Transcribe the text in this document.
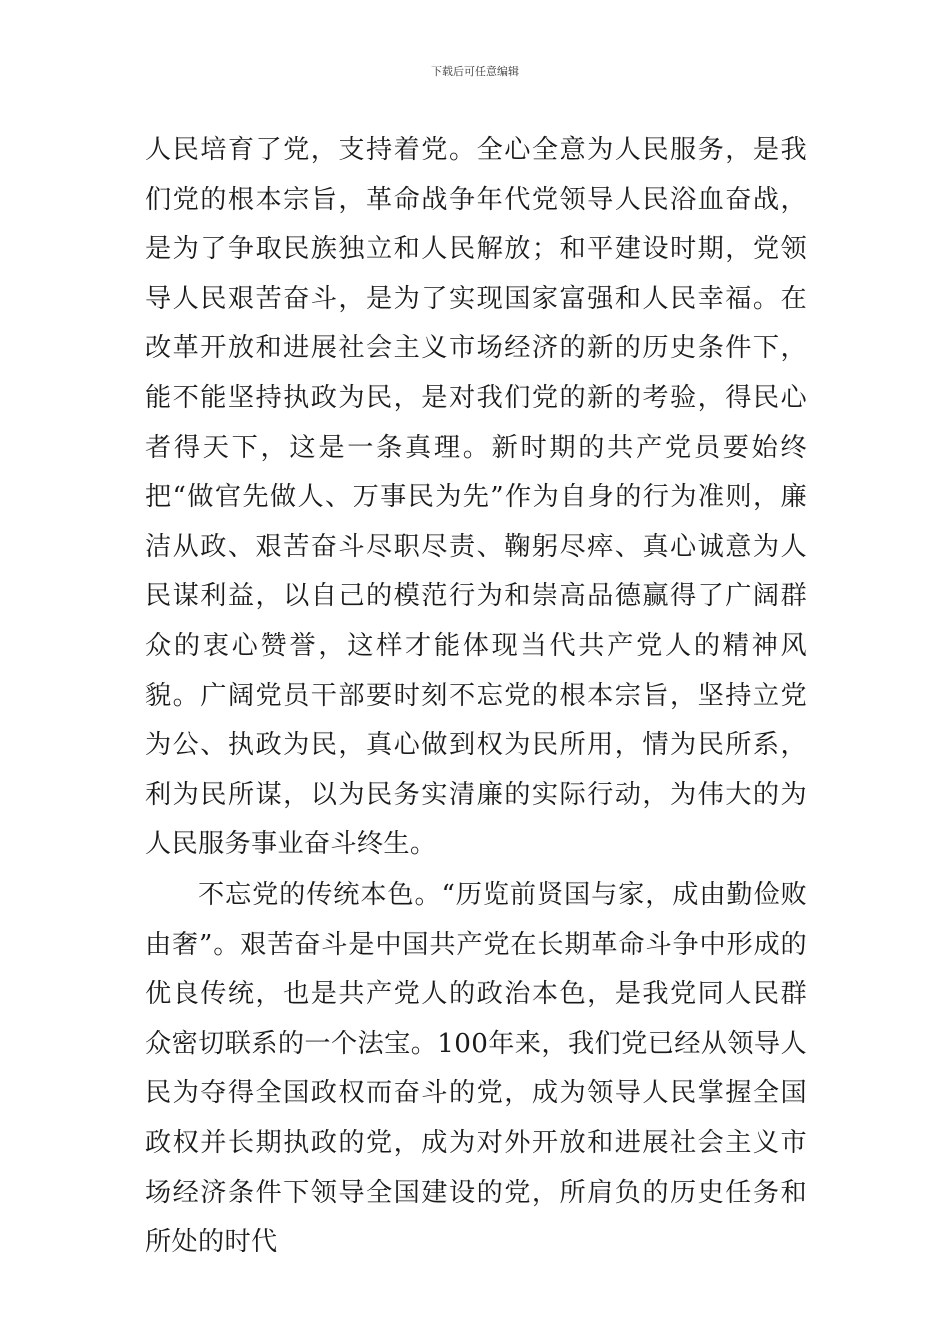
下载后可任意编辑

人民培育了党，支持着党。全心全意为人民服务，是我们党的根本宗旨，革命战争年代党领导人民浴血奋战，是为了争取民族独立和人民解放；和平建设时期，党领导人民艰苦奋斗，是为了实现国家富强和人民幸福。在改革开放和进展社会主义市场经济的新的历史条件下，能不能坚持执政为民，是对我们党的新的考验，得民心者得天下，这是一条真理。新时期的共产党员要始终把“做官先做人、万事民为先”作为自身的行为准则，廉洁从政、艰苦奋斗尽职尽责、鞠躬尽瘁、真心诚意为人民谋利益，以自己的模范行为和崇高品德赢得了广阔群众的衷心赞誉，这样才能体现当代共产党人的精神风貌。广阔党员干部要时刻不忘党的根本宗旨，坚持立党为公、执政为民，真心做到权为民所用，情为民所系，利为民所谋，以为民务实清廉的实际行动，为伟大的为人民服务事业奋斗终生。

不忘党的传统本色。“历览前贤国与家，成由勤俭败由奢”。艰苦奋斗是中国共产党在长期革命斗争中形成的优良传统，也是共产党人的政治本色，是我党同人民群众密切联系的一个法宝。100年来，我们党已经从领导人民为夺得全国政权而奋斗的党，成为领导人民掌握全国政权并长期执政的党，成为对外开放和进展社会主义市场经济条件下领导全国建设的党，所肩负的历史任务和所处的时代
